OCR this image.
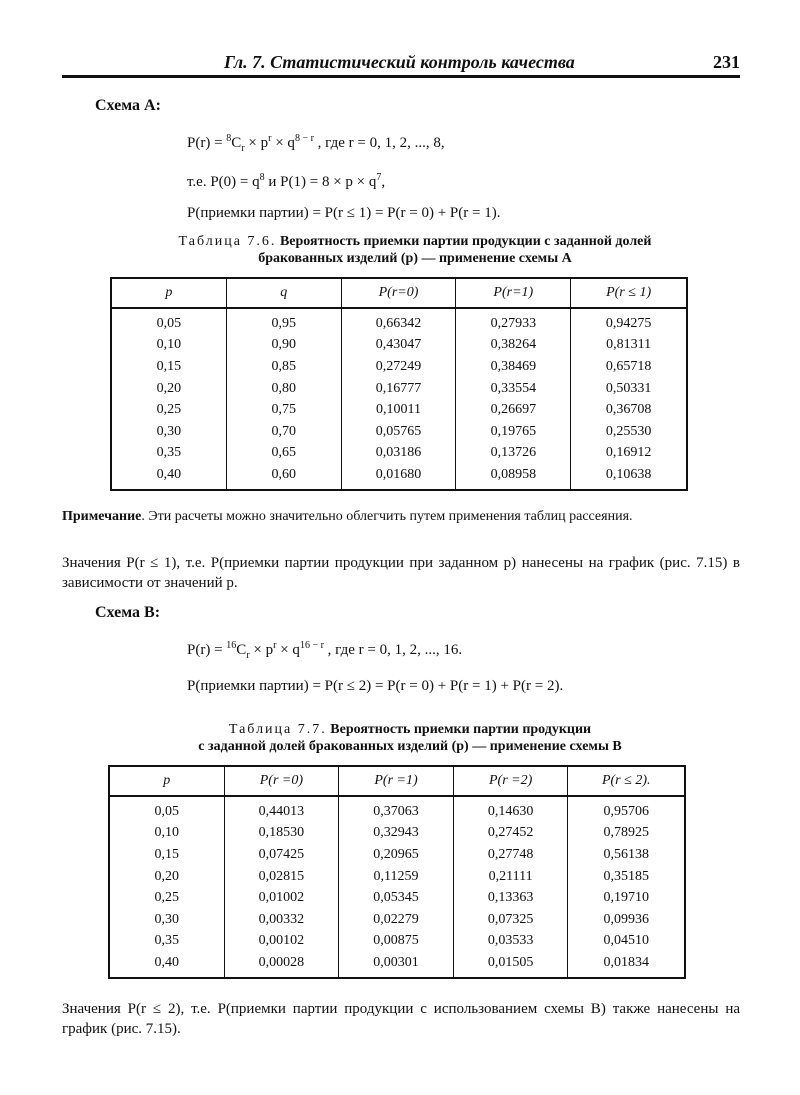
Гл. 7. Статистический контроль качества	231
Схема А:
$P(r) = ^8C_r \times p^r \times q^{8 - r}$ , где r = 0, 1, 2, ..., 8,
т.е. $P(0) = q^8$ и $P(1) = 8 \times p \times q^7$,
P(приемки партии) = P(r ≤ 1) = P(r = 0) + P(r = 1).
Таблица 7.6. Вероятность приемки партии продукции с заданной долей
бракованных изделий (p) — применение схемы А
p	q	P(r=0)	P(r=1)	P(r ≤ 1)
0,05	0,95	0,66342	0,27933	0,94275
0,10	0,90	0,43047	0,38264	0,81311
0,15	0,85	0,27249	0,38469	0,65718
0,20	0,80	0,16777	0,33554	0,50331
0,25	0,75	0,10011	0,26697	0,36708
0,30	0,70	0,05765	0,19765	0,25530
0,35	0,65	0,03186	0,13726	0,16912
0,40	0,60	0,01680	0,08958	0,10638
Примечание. Эти расчеты можно значительно облегчить путем применения таблиц рассеяния.
Значения P(r ≤ 1), т.е. P(приемки партии продукции при заданном p) нанесены на график (рис. 7.15) в зависимости от значений p.
Схема В:
$P(r) = ^{16}C_r \times p^r \times q^{16 - r}$ , где r = 0, 1, 2, ..., 16.
P(приемки партии) = P(r ≤ 2) = P(r = 0) + P(r = 1) + P(r = 2).
Таблица 7.7. Вероятность приемки партии продукции
с заданной долей бракованных изделий (p) — применение схемы В
p	P(r =0)	P(r =1)	P(r =2)	P(r ≤ 2).
0,05	0,44013	0,37063	0,14630	0,95706
0,10	0,18530	0,32943	0,27452	0,78925
0,15	0,07425	0,20965	0,27748	0,56138
0,20	0,02815	0,11259	0,21111	0,35185
0,25	0,01002	0,05345	0,13363	0,19710
0,30	0,00332	0,02279	0,07325	0,09936
0,35	0,00102	0,00875	0,03533	0,04510
0,40	0,00028	0,00301	0,01505	0,01834
Значения P(r ≤ 2), т.е. P(приемки партии продукции с использованием схемы В) также нанесены на график (рис. 7.15).
